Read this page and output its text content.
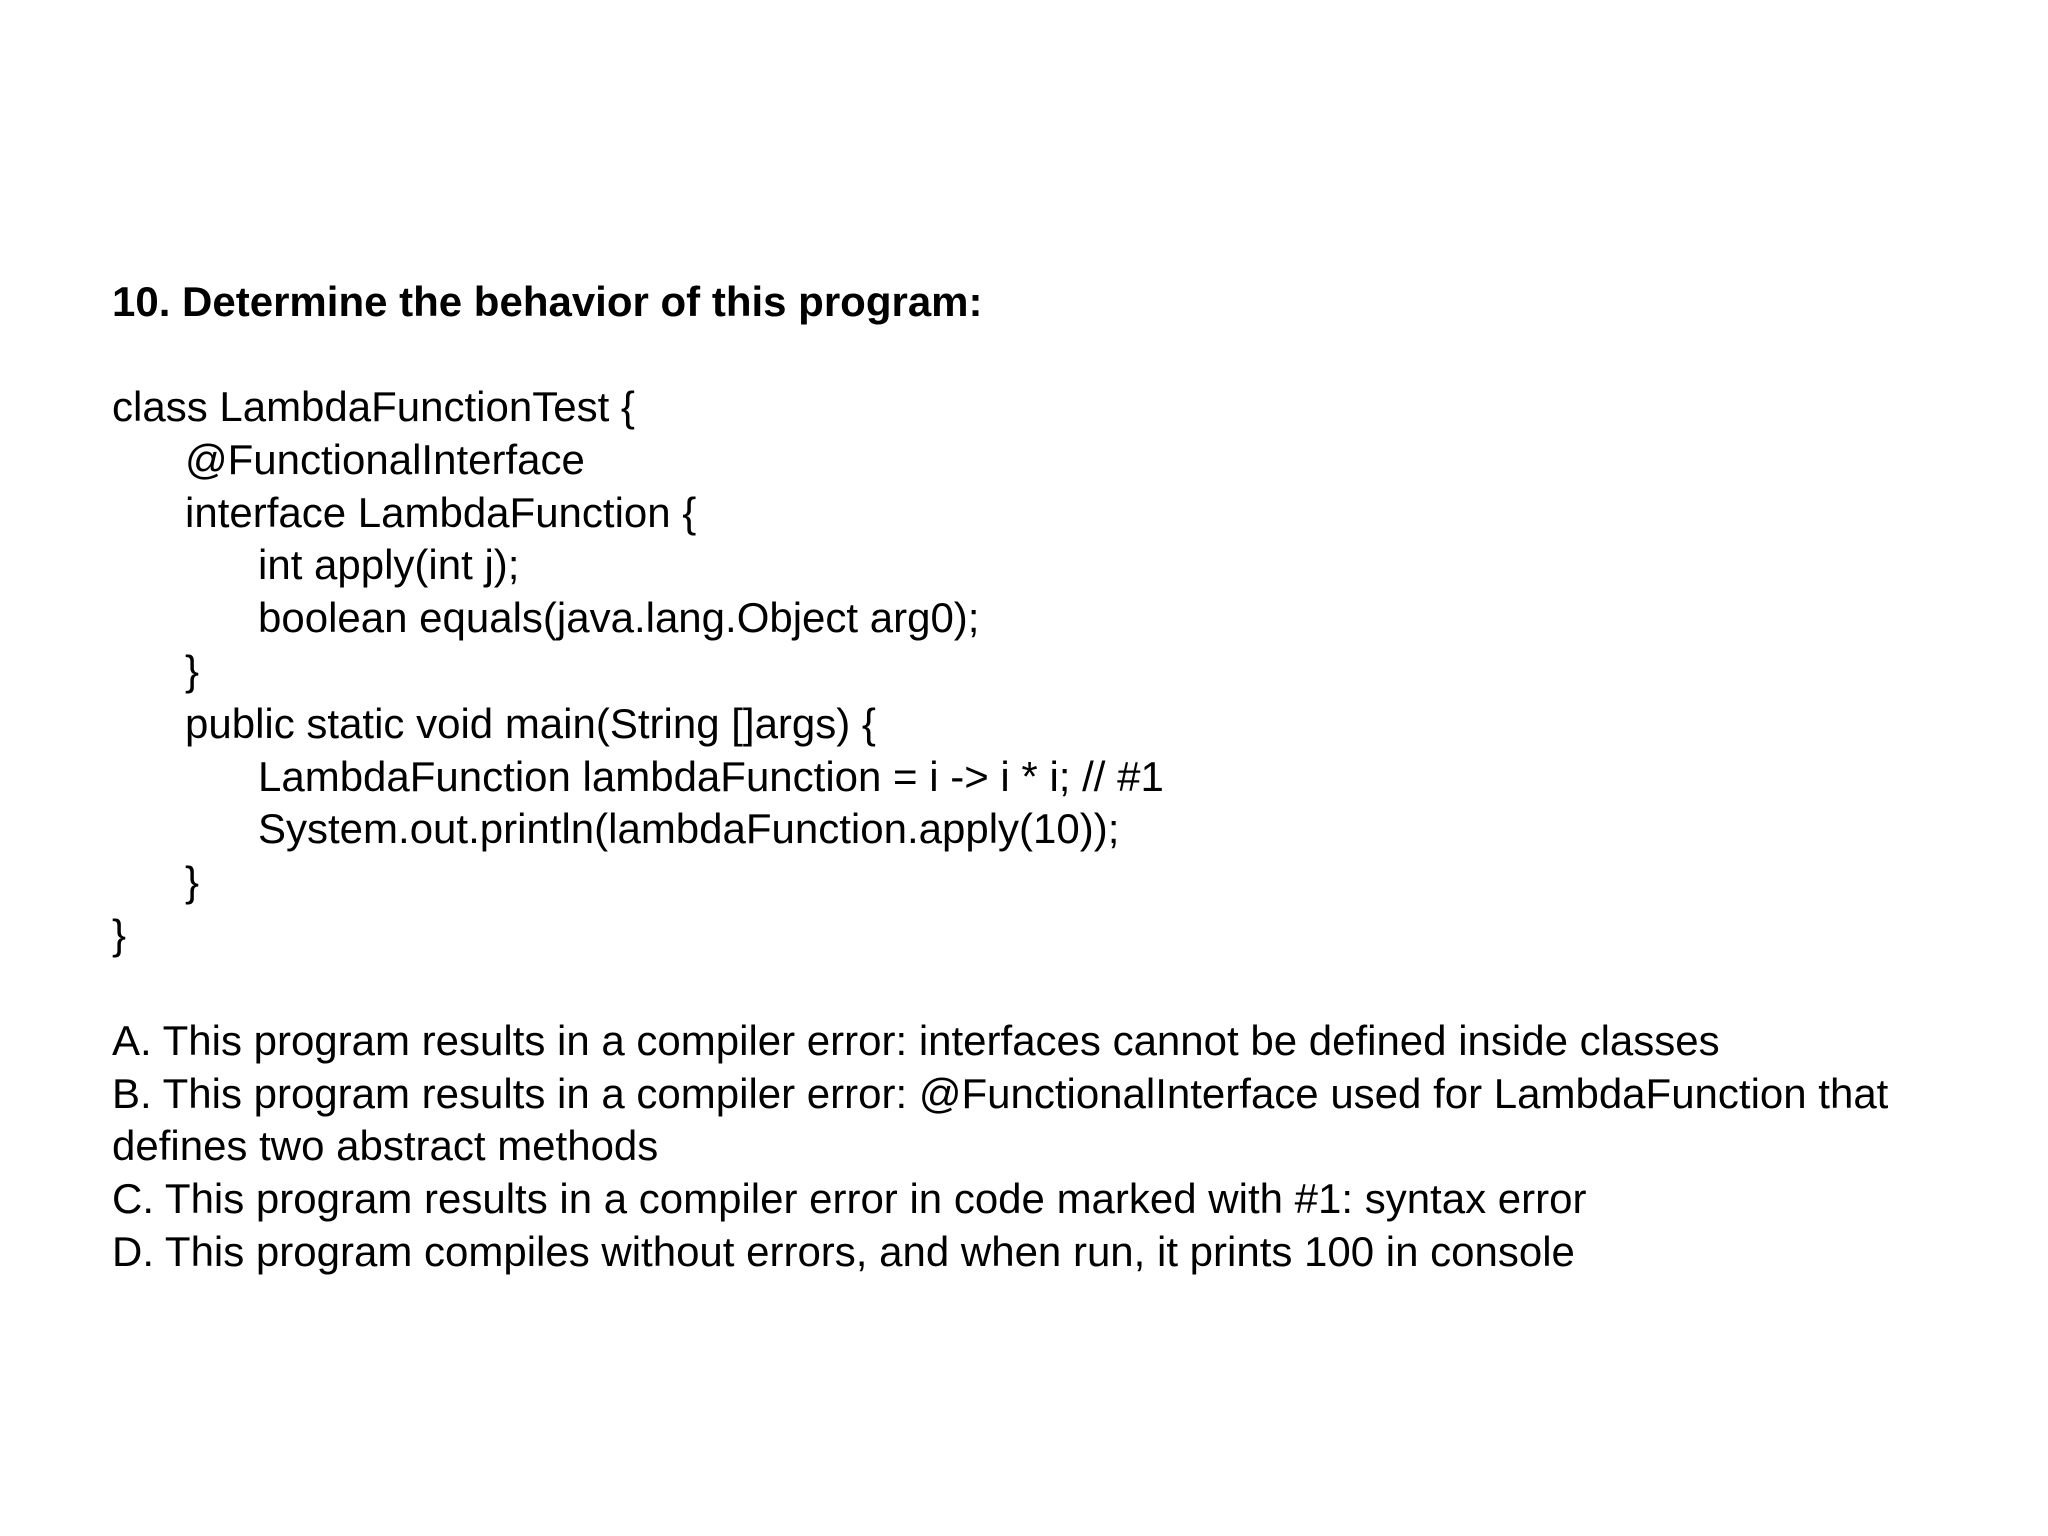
10. Determine the behavior of this program:
class LambdaFunctionTest {
@FunctionalInterface
interface LambdaFunction {
int apply(int j);
boolean equals(java.lang.Object arg0);
}
public static void main(String []args) {
LambdaFunction lambdaFunction = i -> i * i; // #1
System.out.println(lambdaFunction.apply(10));
}
}
A. This program results in a compiler error: interfaces cannot be defined inside classes
B. This program results in a compiler error: @FunctionalInterface used for LambdaFunction that defines two abstract methods
C. This program results in a compiler error in code marked with #1: syntax error
D. This program compiles without errors, and when run, it prints 100 in console
